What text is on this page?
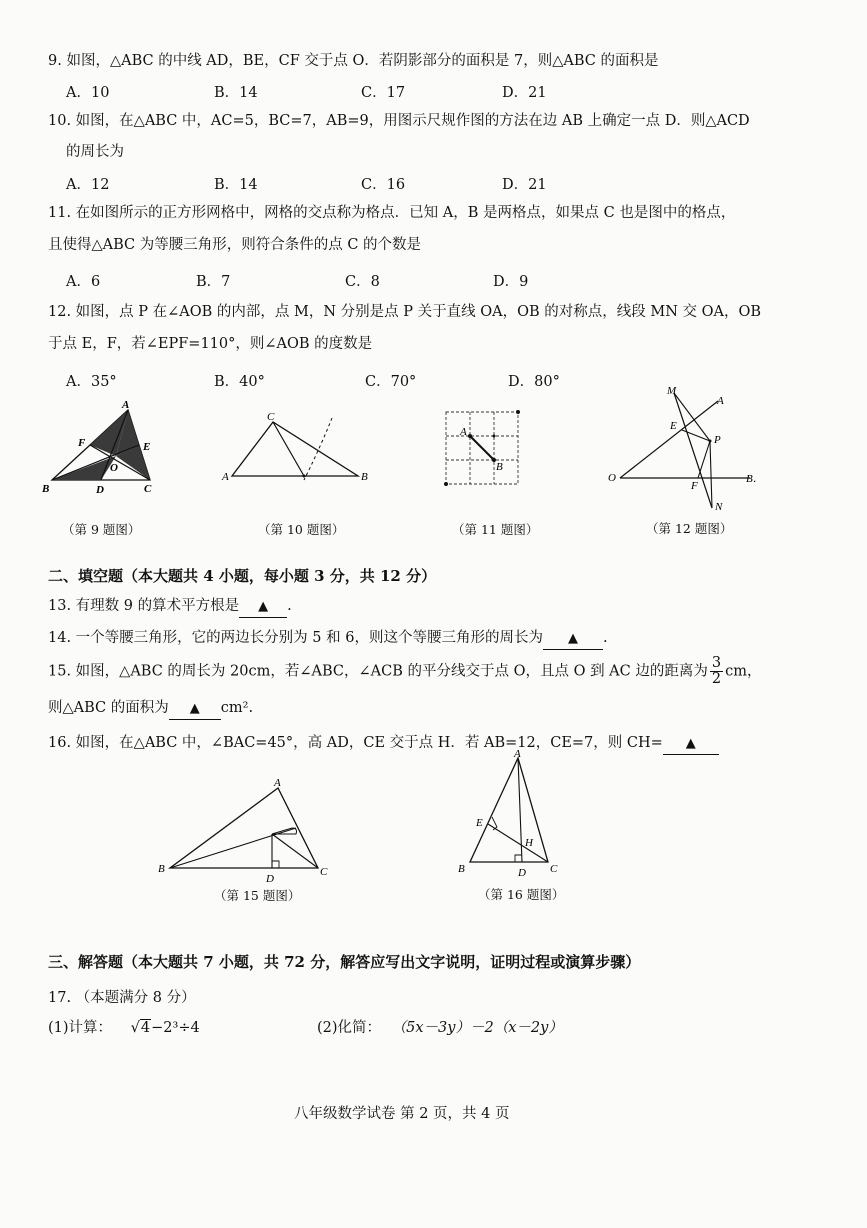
9. 如图，△ABC 的中线 AD，BE，CF 交于点 O．若阴影部分的面积是 7，则△ABC 的面积是
A．10	B．14	C．17	D．21
10. 如图，在△ABC 中，AC=5，BC=7，AB=9，用图示尺规作图的方法在边 AB 上确定一点 D．则△ACD
的周长为
A．12	B．14	C．16	D．21
11. 在如图所示的正方形网格中，网格的交点称为格点．已知 A，B 是两格点，如果点 C 也是图中的格点，
且使得△ABC 为等腰三角形，则符合条件的点 C 的个数是
A．6	B．7	C．8	D．9
12. 如图，点 P 在∠AOB 的内部，点 M，N 分别是点 P 关于直线 OA，OB 的对称点，线段 MN 交 OA，OB
于点 E，F，若∠EPF=110°，则∠AOB 的度数是
A．35°	B．40°	C．70°	D．80°
A
B	C
D
E
F
O
（第 9 题图）
C
A	B
（第 10 题图）
A
B
（第 11 题图）
M
A
E
P
O	B．
F
N
（第 12 题图）
二、填空题（本大题共 4 小题，每小题 3 分，共 12 分）
13. 有理数 9 的算术平方根是 ▲ .
14. 一个等腰三角形，它的两边长分别为 5 和 6，则这个等腰三角形的周长为 ▲ .
15. 如图，△ABC 的周长为 20cm，若∠ABC，∠ACB 的平分线交于点 O，且点 O 到 AC 边的距离为 $\frac{3}{2}$ cm，
则△ABC 的面积为 ▲ cm².
16. 如图，在△ABC 中，∠BAC=45°，高 AD，CE 交于点 H．若 AB=12，CE=7，则 CH= ▲
A
B	C
D
（第 15 题图）
A
E
H
B	D C
（第 16 题图）
三、解答题（本大题共 7 小题，共 72 分，解答应写出文字说明，证明过程或演算步骤）
17. （本题满分 8 分）
(1)计算： √4−2³÷4	(2)化简： （5x－3y）－2（x－2y）
八年级数学试卷 第 2 页，共 4 页
